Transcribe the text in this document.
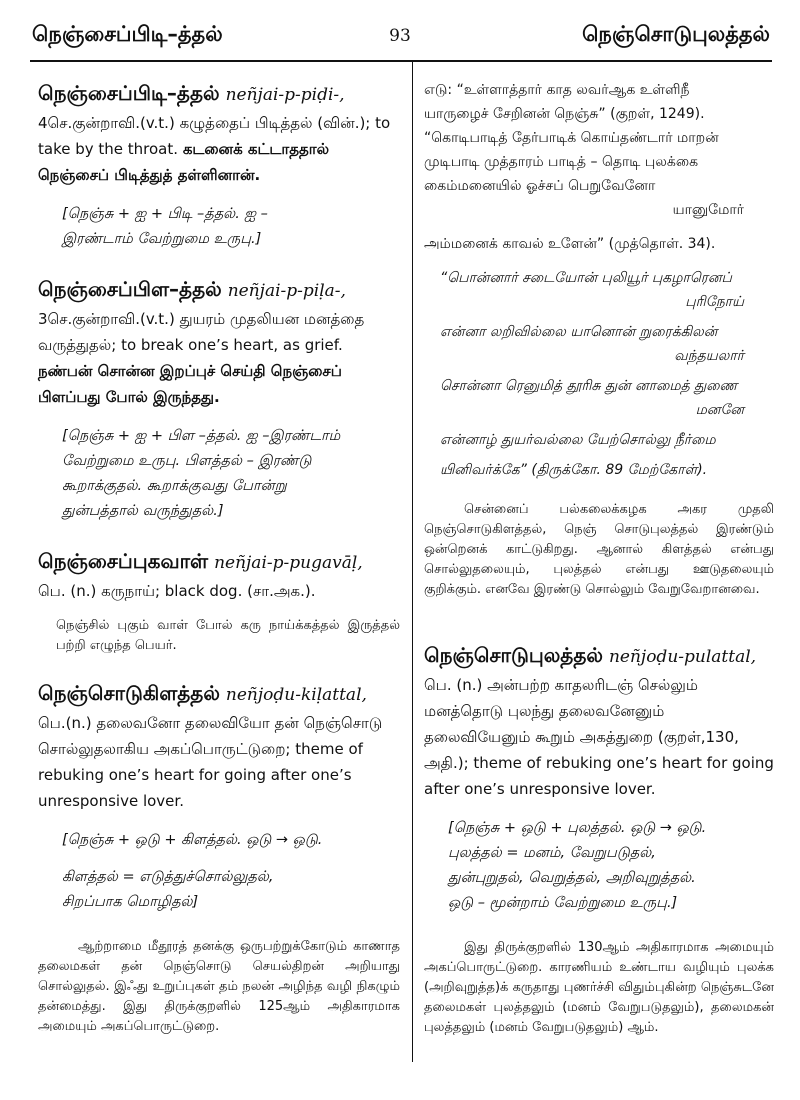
நெஞ்சைப்பிடி–த்தல்	93	நெஞ்சொடுபுலத்தல்
நெஞ்சைப்பிடி–த்தல் neñjai-p-piḍi-,

4செ.குன்றாவி.(v.t.) கழுத்தைப் பிடித்தல் (வின்.); to take by the throat. கடனைக் கட்டாததால் நெஞ்சைப் பிடித்துத் தள்ளினான்.

[நெஞ்சு + ஐ + பிடி –த்தல். ஐ –
இரண்டாம் வேற்றுமை உருபு.]
நெஞ்சைப்பிள–த்தல் neñjai-p-piḷa-,

3செ.குன்றாவி.(v.t.) துயரம் முதலியன மனத்தை வருத்துதல்; to break one’s heart, as grief. நண்பன் சொன்ன இறப்புச் செய்தி நெஞ்சைப் பிளப்பது போல் இருந்தது.

[நெஞ்சு + ஐ + பிள –த்தல். ஐ –இரண்டாம்
வேற்றுமை உருபு. பிளத்தல் – இரண்டு
கூறாக்குதல். கூறாக்குவது போன்று
துன்பத்தால் வருந்துதல்.]
நெஞ்சைப்புகவாள் neñjai-p-pugavāḷ,

பெ. (n.) கருநாய்; black dog. (சா.அக.).

நெஞ்சில் புகும் வாள் போல் கரு நாய்க்கத்தல் இருத்தல் பற்றி எழுந்த பெயர்.
நெஞ்சொடுகிளத்தல் neñjoḍu-kiḷattal,

பெ.(n.) தலைவனோ தலைவியோ தன் நெஞ்சொடு சொல்லுதலாகிய அகப்பொருட்டுறை; theme of rebuking one’s heart for going after one’s unresponsive lover.

[நெஞ்சு + ஒடு + கிளத்தல். ஒடு → ஒடு.
கிளத்தல் = எடுத்துச்சொல்லுதல்,
சிறப்பாக மொழிதல்]
ஆற்றாமை மீதூரத் தனக்கு ஒருபற்றுக்கோடும் காணாத தலைமகள் தன் நெஞ்சொடு செயல்திறன் அறியாது சொல்லுதல். இஃது உறுப்புகள் தம் நலன் அழிந்த வழி நிகழும் தன்மைத்து. இது திருக்குறளில் 125ஆம் அதிகாரமாக அமையும் அகப்பொருட்டுறை.
எடு: “உள்ளாத்தார் காத லவர்ஆக உள்ளிநீ
யாருழைச் சேறினன் நெஞ்சு” (குறள், 1249).
“கொடிபாடித் தேர்பாடிக் கொய்தண்டார் மாறன்
முடிபாடி முத்தாரம் பாடித் – தொடி புலக்கை
கைம்மனையில் ஓச்சப் பெறுவேனோ
யானுமோர்
அம்மனைக் காவல் உளேன்” (முத்தொள். 34).
“பொன்னார் சடையோன் புலியூர் புகழாரெனப்
புரிநோய்
என்னா லறிவில்லை யானொன் றுரைக்கிலன்
வந்தயலார்
சொன்னா ரெனுமித் தூரிசு துன் னாமைத் துணை
மனனே
என்னாழ் துயர்வல்லை யேற்சொல்லு நீர்மை
யினிவர்க்கே” (திருக்கோ. 89 மேற்கோள்).
சென்னைப் பல்கலைக்கழக அகர முதலி நெஞ்சொடுகிளத்தல், நெஞ் சொடுபுலத்தல் இரண்டும் ஒன்றெனக் காட்டுகிறது. ஆனால் கிளத்தல் என்பது சொல்லுதலையும், புலத்தல் என்பது ஊடுதலையும் குறிக்கும். எனவே இரண்டு சொல்லும் வேறுவேறானவை.
நெஞ்சொடுபுலத்தல் neñjoḍu-pulattal,

பெ. (n.) அன்பற்ற காதலரிடஞ் செல்லும் மனத்தொடு புலந்து தலைவனேனும் தலைவியேனும் கூறும் அகத்துறை (குறள்,130, அதி.); theme of rebuking one’s heart for going after one’s unresponsive lover.

[நெஞ்சு + ஒடு + புலத்தல். ஒடு → ஒடு.
புலத்தல் = மனம், வேறுபடுதல்,
துன்புறுதல், வெறுத்தல், அறிவுறுத்தல்.
ஒடு – மூன்றாம் வேற்றுமை உருபு.]
இது திருக்குறளில் 130ஆம் அதிகாரமாக அமையும் அகப்பொருட்டுறை. காரணியம் உண்டாய வழியும் புலக்க (அறிவுறுத்த)க் கருதாது புணர்ச்சி விதும்புகின்ற நெஞ்சுடனே தலைமகள் புலத்தலும் (மனம் வேறுபடுதலும்), தலைமகன் புலத்தலும் (மனம் வேறுபடுதலும்) ஆம்.
